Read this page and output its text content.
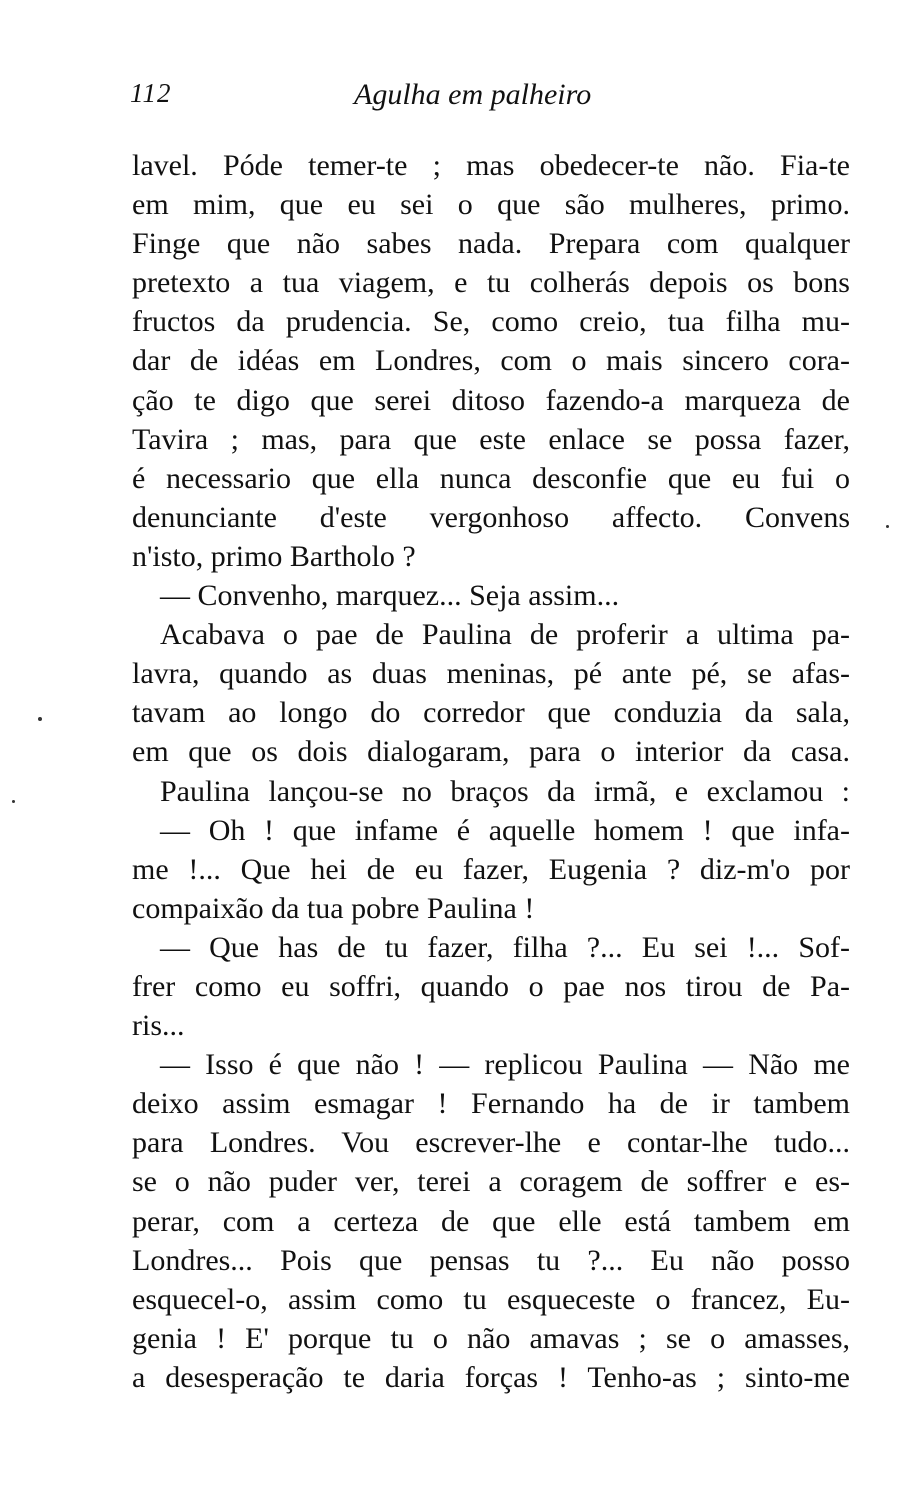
112	Agulha em palheiro
lavel. Póde temer-te ; mas obedecer-te não. Fia-te
em mim, que eu sei o que são mulheres, primo.
Finge que não sabes nada. Prepara com qualquer
pretexto a tua viagem, e tu colherás depois os bons
fructos da prudencia. Se, como creio, tua filha mu-
dar de idéas em Londres, com o mais sincero cora-
ção te digo que serei ditoso fazendo-a marqueza de
Tavira ; mas, para que este enlace se possa fazer,
é necessario que ella nunca desconfie que eu fui o
denunciante d'este vergonhoso affecto. Convens
n'isto, primo Bartholo ?
— Convenho, marquez... Seja assim...
Acabava o pae de Paulina de proferir a ultima pa-
lavra, quando as duas meninas, pé ante pé, se afas-
tavam ao longo do corredor que conduzia da sala,
em que os dois dialogaram, para o interior da casa.
Paulina lançou-se no braços da irmã, e exclamou :
— Oh ! que infame é aquelle homem ! que infa-
me !... Que hei de eu fazer, Eugenia ? diz-m'o por
compaixão da tua pobre Paulina !
— Que has de tu fazer, filha ?... Eu sei !... Sof-
frer como eu soffri, quando o pae nos tirou de Pa-
ris...
— Isso é que não ! — replicou Paulina — Não me
deixo assim esmagar ! Fernando ha de ir tambem
para Londres. Vou escrever-lhe e contar-lhe tudo...
se o não puder ver, terei a coragem de soffrer e es-
perar, com a certeza de que elle está tambem em
Londres... Pois que pensas tu ?... Eu não posso
esquecel-o, assim como tu esqueceste o francez, Eu-
genia ! E' porque tu o não amavas ; se o amasses,
a desesperação te daria forças ! Tenho-as ; sinto-me
